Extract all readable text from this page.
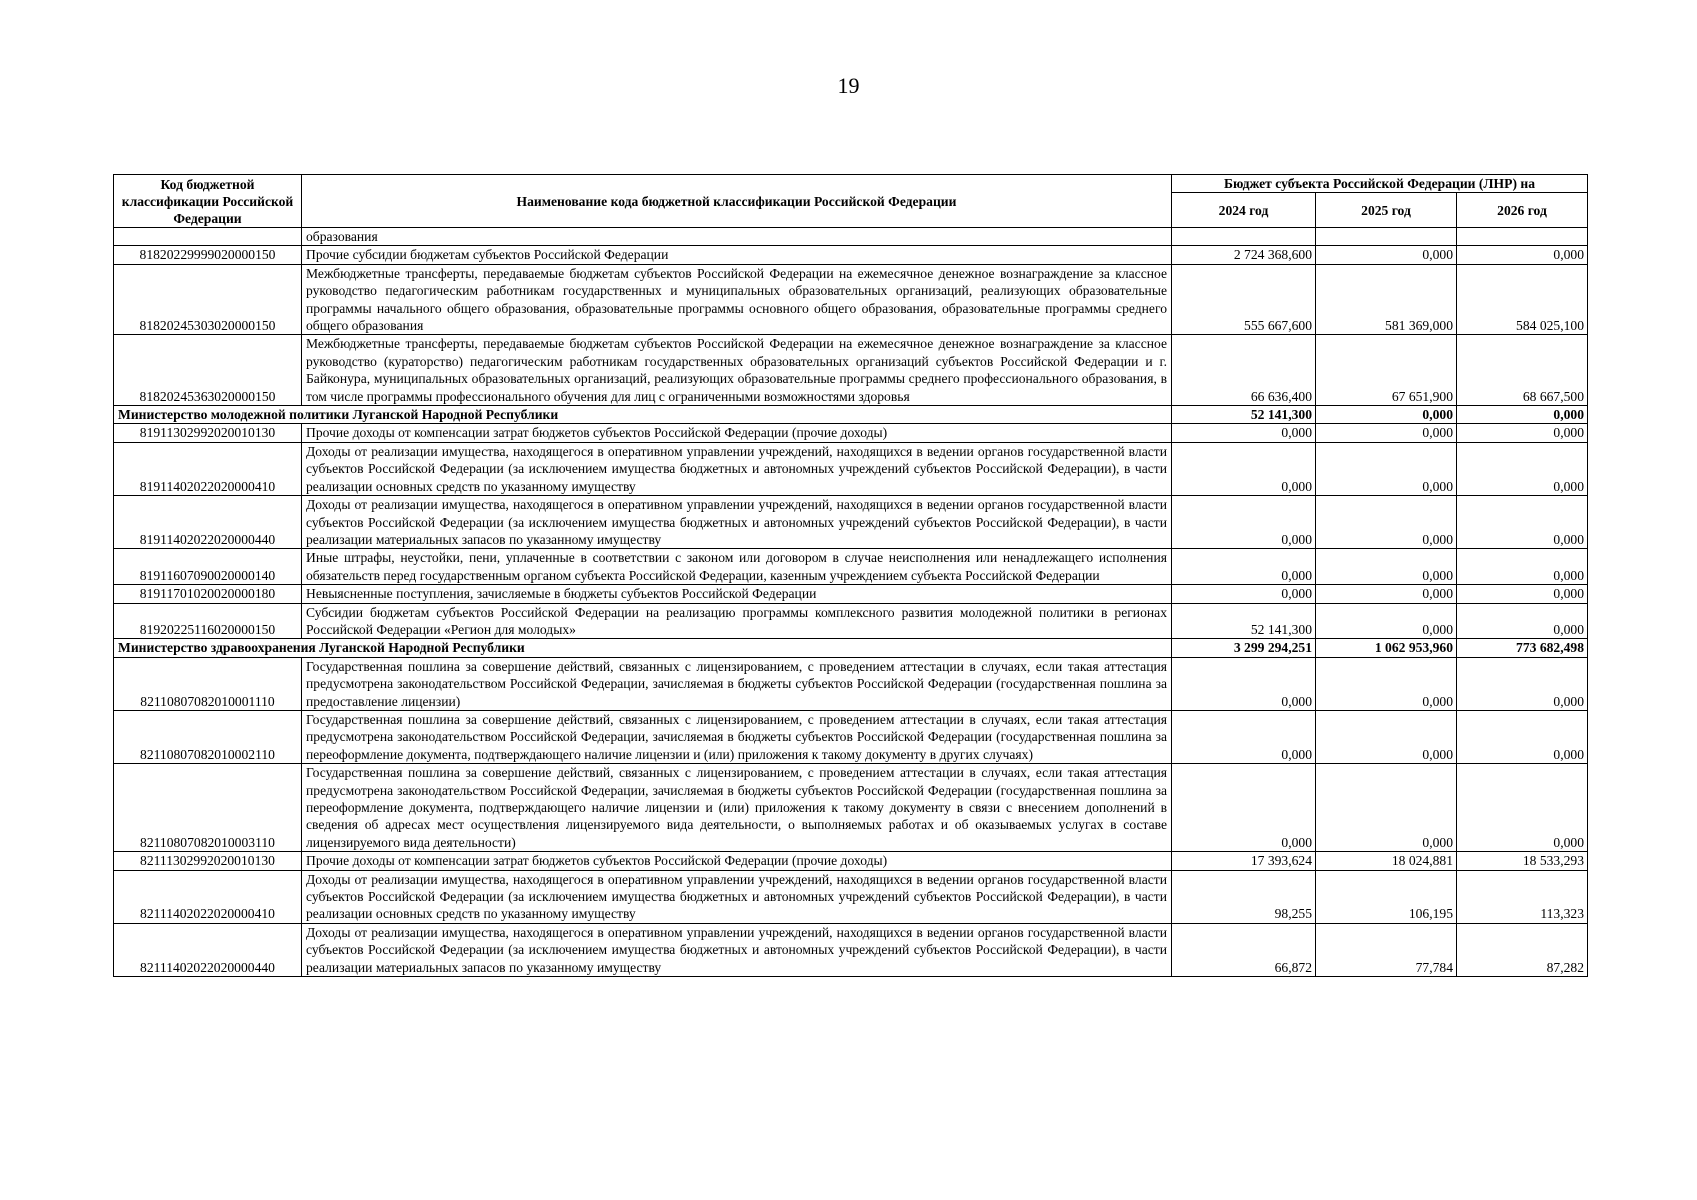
19
Код бюджетной классификации Российской Федерации	Наименование кода бюджетной классификации Российской Федерации	Бюджет субъекта Российской Федерации (ЛНР) на		
		2024 год	2025 год	2026 год
	образования			
81820229999020000150	Прочие субсидии бюджетам субъектов Российской Федерации	2 724 368,600	0,000	0,000
81820245303020000150	Межбюджетные трансферты, передаваемые бюджетам субъектов Российской Федерации на ежемесячное денежное вознаграждение за классное руководство педагогическим работникам государственных и муниципальных образовательных организаций, реализующих образовательные программы начального общего образования, образовательные программы основного общего образования, образовательные программы среднего общего образования	555 667,600	581 369,000	584 025,100
81820245363020000150	Межбюджетные трансферты, передаваемые бюджетам субъектов Российской Федерации на ежемесячное денежное вознаграждение за классное руководство (кураторство) педагогическим работникам государственных образовательных организаций субъектов Российской Федерации и г. Байконура, муниципальных образовательных организаций, реализующих образовательные программы среднего профессионального образования, в том числе программы профессионального обучения для лиц с ограниченными возможностями здоровья	66 636,400	67 651,900	68 667,500
Министерство молодежной политики Луганской Народной Республики		52 141,300	0,000	0,000
81911302992020010130	Прочие доходы от компенсации затрат бюджетов субъектов Российской Федерации (прочие доходы)	0,000	0,000	0,000
81911402022020000410	Доходы от реализации имущества, находящегося в оперативном управлении учреждений, находящихся в ведении органов государственной власти субъектов Российской Федерации (за исключением имущества бюджетных и автономных учреждений субъектов Российской Федерации), в части реализации основных средств по указанному имуществу	0,000	0,000	0,000
81911402022020000440	Доходы от реализации имущества, находящегося в оперативном управлении учреждений, находящихся в ведении органов государственной власти субъектов Российской Федерации (за исключением имущества бюджетных и автономных учреждений субъектов Российской Федерации), в части реализации материальных запасов по указанному имуществу	0,000	0,000	0,000
81911607090020000140	Иные штрафы, неустойки, пени, уплаченные в соответствии с законом или договором в случае неисполнения или ненадлежащего исполнения обязательств перед государственным органом субъекта Российской Федерации, казенным учреждением субъекта Российской Федерации	0,000	0,000	0,000
81911701020020000180	Невыясненные поступления, зачисляемые в бюджеты субъектов Российской Федерации	0,000	0,000	0,000
81920225116020000150	Субсидии бюджетам субъектов Российской Федерации на реализацию программы комплексного развития молодежной политики в регионах Российской Федерации «Регион для молодых»	52 141,300	0,000	0,000
Министерство здравоохранения Луганской Народной Республики		3 299 294,251	1 062 953,960	773 682,498
82110807082010001110	Государственная пошлина за совершение действий, связанных с лицензированием, с проведением аттестации в случаях, если такая аттестация предусмотрена законодательством Российской Федерации, зачисляемая в бюджеты субъектов Российской Федерации (государственная пошлина за предоставление лицензии)	0,000	0,000	0,000
82110807082010002110	Государственная пошлина за совершение действий, связанных с лицензированием, с проведением аттестации в случаях, если такая аттестация предусмотрена законодательством Российской Федерации, зачисляемая в бюджеты субъектов Российской Федерации (государственная пошлина за переоформление документа, подтверждающего наличие лицензии и (или) приложения к такому документу в других случаях)	0,000	0,000	0,000
82110807082010003110	Государственная пошлина за совершение действий, связанных с лицензированием, с проведением аттестации в случаях, если такая аттестация предусмотрена законодательством Российской Федерации, зачисляемая в бюджеты субъектов Российской Федерации (государственная пошлина за переоформление документа, подтверждающего наличие лицензии и (или) приложения к такому документу в связи с внесением дополнений в сведения об адресах мест осуществления лицензируемого вида деятельности, о выполняемых работах и об оказываемых услугах в составе лицензируемого вида деятельности)	0,000	0,000	0,000
82111302992020010130	Прочие доходы от компенсации затрат бюджетов субъектов Российской Федерации (прочие доходы)	17 393,624	18 024,881	18 533,293
82111402022020000410	Доходы от реализации имущества, находящегося в оперативном управлении учреждений, находящихся в ведении органов государственной власти субъектов Российской Федерации (за исключением имущества бюджетных и автономных учреждений субъектов Российской Федерации), в части реализации основных средств по указанному имуществу	98,255	106,195	113,323
82111402022020000440	Доходы от реализации имущества, находящегося в оперативном управлении учреждений, находящихся в ведении органов государственной власти субъектов Российской Федерации (за исключением имущества бюджетных и автономных учреждений субъектов Российской Федерации), в части реализации материальных запасов по указанному имуществу	66,872	77,784	87,282
